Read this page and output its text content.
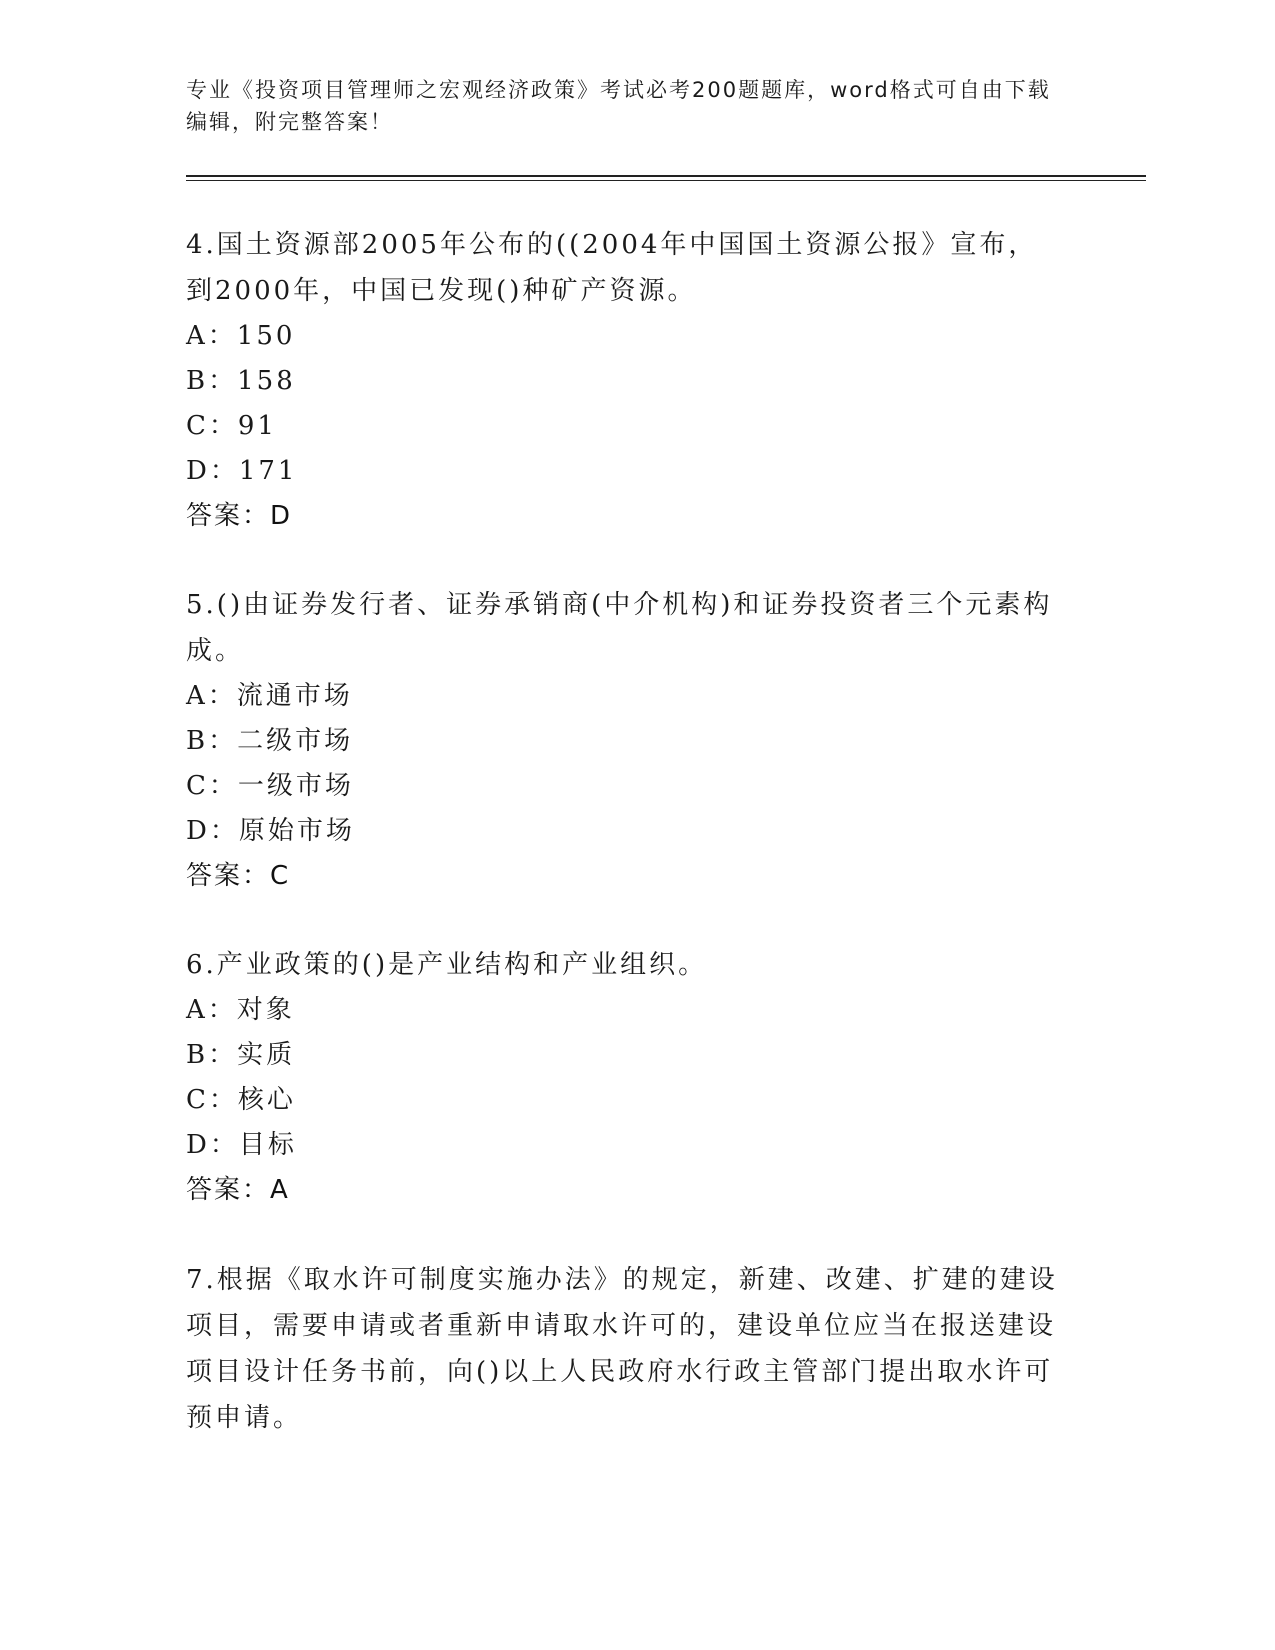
专业《投资项目管理师之宏观经济政策》考试必考200题题库，word格式可自由下载编辑，附完整答案！

4.国土资源部2005年公布的((2004年中国国土资源公报》宣布，到2000年，中国已发现()种矿产资源。

A：150

B：158

C：91

D：171

答案：D

5.()由证券发行者、证券承销商(中介机构)和证券投资者三个元素构成。

A：流通市场

B：二级市场

C：一级市场

D：原始市场

答案：C

6.产业政策的()是产业结构和产业组织。

A：对象

B：实质

C：核心

D：目标

答案：A

7.根据《取水许可制度实施办法》的规定，新建、改建、扩建的建设项目，需要申请或者重新申请取水许可的，建设单位应当在报送建设项目设计任务书前，向()以上人民政府水行政主管部门提出取水许可预申请。
